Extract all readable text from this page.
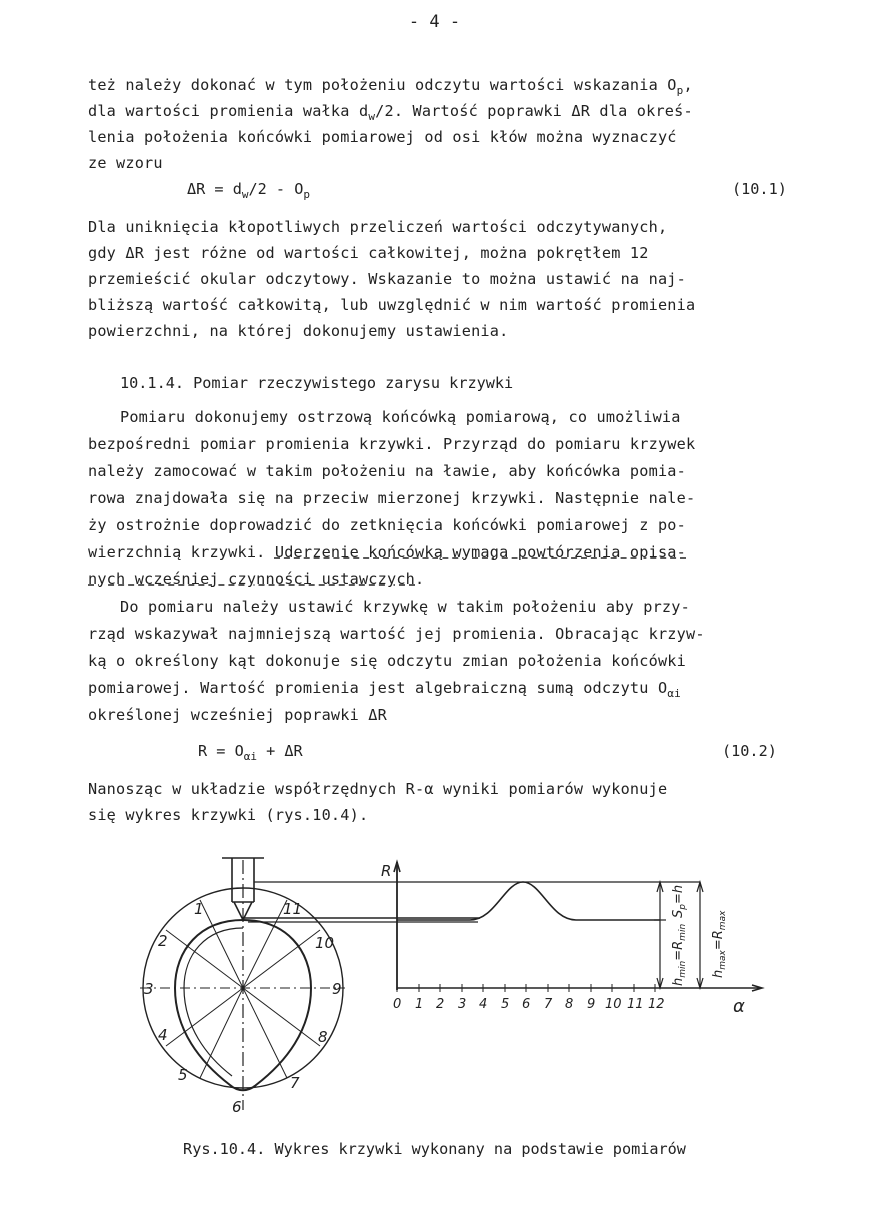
- 4 -
też należy dokonać w tym położeniu odczytu wartości wskazania $O_p$,
dla wartości promienia wałka $d_w/2$. Wartość poprawki ΔR dla okreś-
lenia położenia końcówki pomiarowej od osi kłów można wyznaczyć
ze wzoru
$\Delta R = d_w/2 - O_p$	(10.1)
Dla uniknięcia kłopotliwych przeliczeń wartości odczytywanych,
gdy ΔR jest różne od wartości całkowitej, można pokrętłem 12
przemieścić okular odczytowy. Wskazanie to można ustawić na naj-
bliższą wartość całkowitą, lub uwzględnić w nim wartość promienia
powierzchni, na której dokonujemy ustawienia.
10.1.4. Pomiar rzeczywistego zarysu krzywki
Pomiaru dokonujemy ostrzową końcówką pomiarową, co umożliwia
bezpośredni pomiar promienia krzywki. Przyrząd do pomiaru krzywek
należy zamocować w takim położeniu na ławie, aby końcówka pomia-
rowa znajdowała się na przeciw mierzonej krzywki. Następnie nale-
ży ostrożnie doprowadzić do zetknięcia końcówki pomiarowej z po-
wierzchnią krzywki. Uderzenie końcówką wymaga powtórzenia opisa-
nych wcześniej czynności ustawczych.
Do pomiaru należy ustawić krzywkę w takim położeniu aby przy-
rząd wskazywał najmniejszą wartość jej promienia. Obracając krzyw-
ką o określony kąt dokonuje się odczytu zmian położenia końcówki
pomiarowej. Wartość promienia jest algebraiczną sumą odczytu $O_{\alpha i}$
określonej wcześniej poprawki ΔR
$R = O_{\alpha i} + \Delta R$	(10.2)
Nanosząc w układzie współrzędnych R-α wyniki pomiarów wykonuje
się wykres krzywki (rys.10.4).
1
2
3
4
5
6
7
8
9
10
11
R
α
0 1 2 3 4 5 6 7 8 9 10 11 12
$S_p=h$
$h_{min}=R_{min}$
$h_{max}=R_{max}$
Rys.10.4. Wykres krzywki wykonany na podstawie pomiarów
